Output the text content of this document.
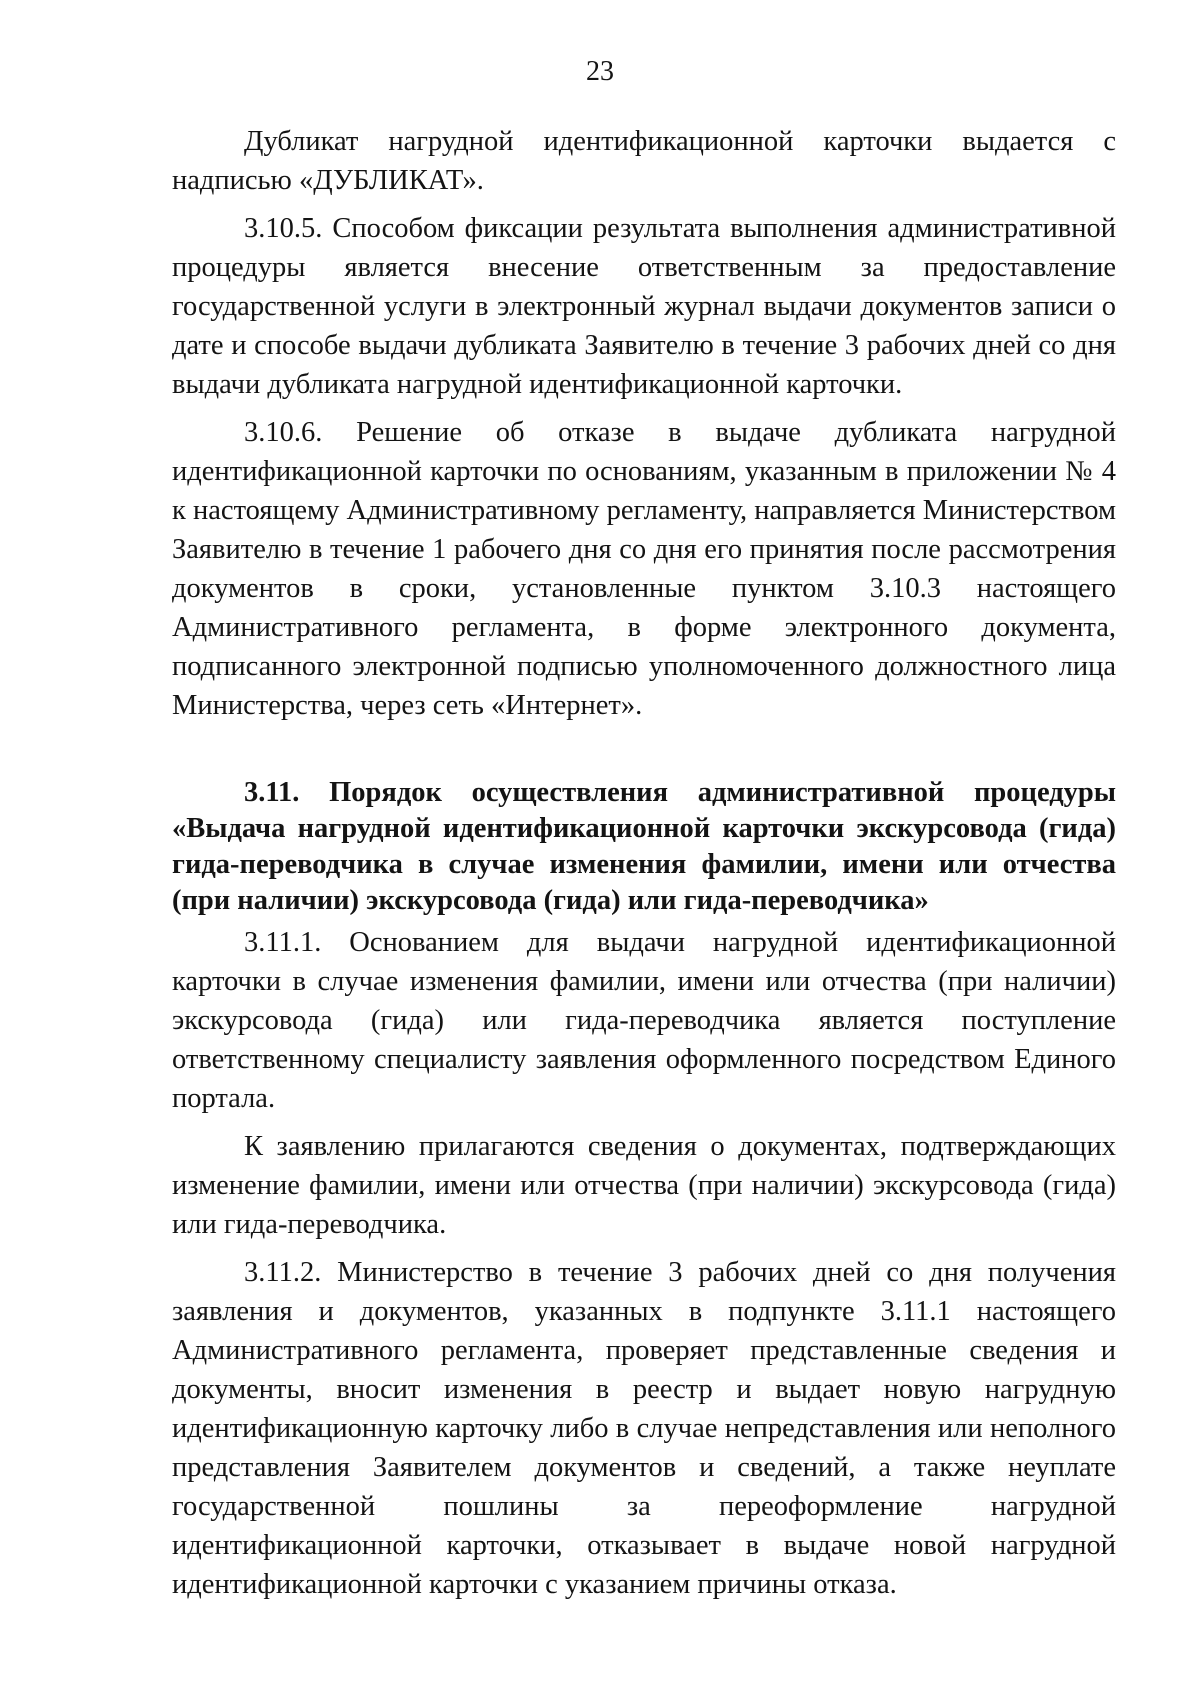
23

Дубликат нагрудной идентификационной карточки выдается с надписью «ДУБЛИКАТ».

3.10.5. Способом фиксации результата выполнения административной процедуры является внесение ответственным за предоставление государственной услуги в электронный журнал выдачи документов записи о дате и способе выдачи дубликата Заявителю в течение 3 рабочих дней со дня выдачи дубликата нагрудной идентификационной карточки.

3.10.6. Решение об отказе в выдаче дубликата нагрудной идентификационной карточки по основаниям, указанным в приложении № 4 к настоящему Административному регламенту, направляется Министерством Заявителю в течение 1 рабочего дня со дня его принятия после рассмотрения документов в сроки, установленные пунктом 3.10.3 настоящего Административного регламента, в форме электронного документа, подписанного электронной подписью уполномоченного должностного лица Министерства, через сеть «Интернет».

3.11. Порядок осуществления административной процедуры «Выдача нагрудной идентификационной карточки экскурсовода (гида) гида-переводчика в случае изменения фамилии, имени или отчества (при наличии) экскурсовода (гида) или гида-переводчика»

3.11.1. Основанием для выдачи нагрудной идентификационной карточки в случае изменения фамилии, имени или отчества (при наличии) экскурсовода (гида) или гида-переводчика является поступление ответственному специалисту заявления оформленного посредством Единого портала.

К заявлению прилагаются сведения о документах, подтверждающих изменение фамилии, имени или отчества (при наличии) экскурсовода (гида) или гида-переводчика.

3.11.2. Министерство в течение 3 рабочих дней со дня получения заявления и документов, указанных в подпункте 3.11.1 настоящего Административного регламента, проверяет представленные сведения и документы, вносит изменения в реестр и выдает новую нагрудную идентификационную карточку либо в случае непредставления или неполного представления Заявителем документов и сведений, а также неуплате государственной пошлины за переоформление нагрудной идентификационной карточки, отказывает в выдаче новой нагрудной идентификационной карточки с указанием причины отказа.
